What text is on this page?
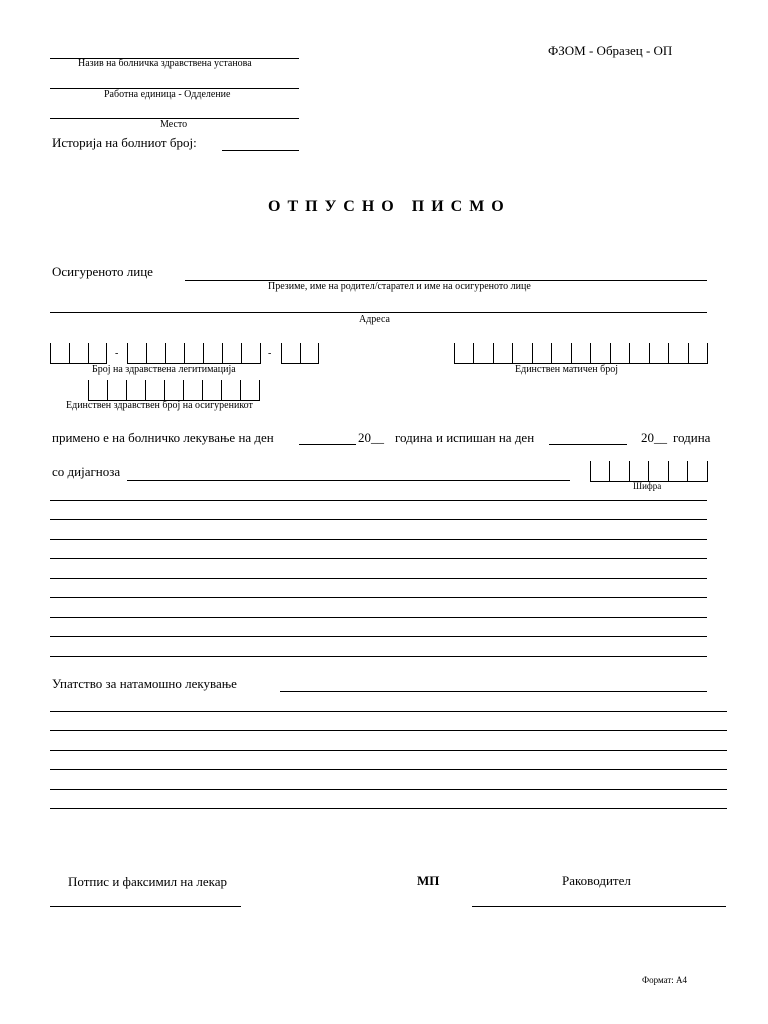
ФЗОМ - Образец - ОП
Назив на болничка здравствена установа
Работна единица - Одделение
Место
Историја на болниот број:
ОТПУСНО ПИСМО
Осигуреното лице
Презиме, име на родител/старател и име на осигуреното лице
Адреса
-	-
Број на здравствена легитимација	Единствен матичен број
Единствен здравствен број на осигуреникот
примено е на болничко лекување на ден	20__ година и испишан на ден	20__ година
со дијагноза
Шифра
Упатство за натамошно лекување
Потпис и факсимил на лекар	МП	Раководител
Формат: А4
